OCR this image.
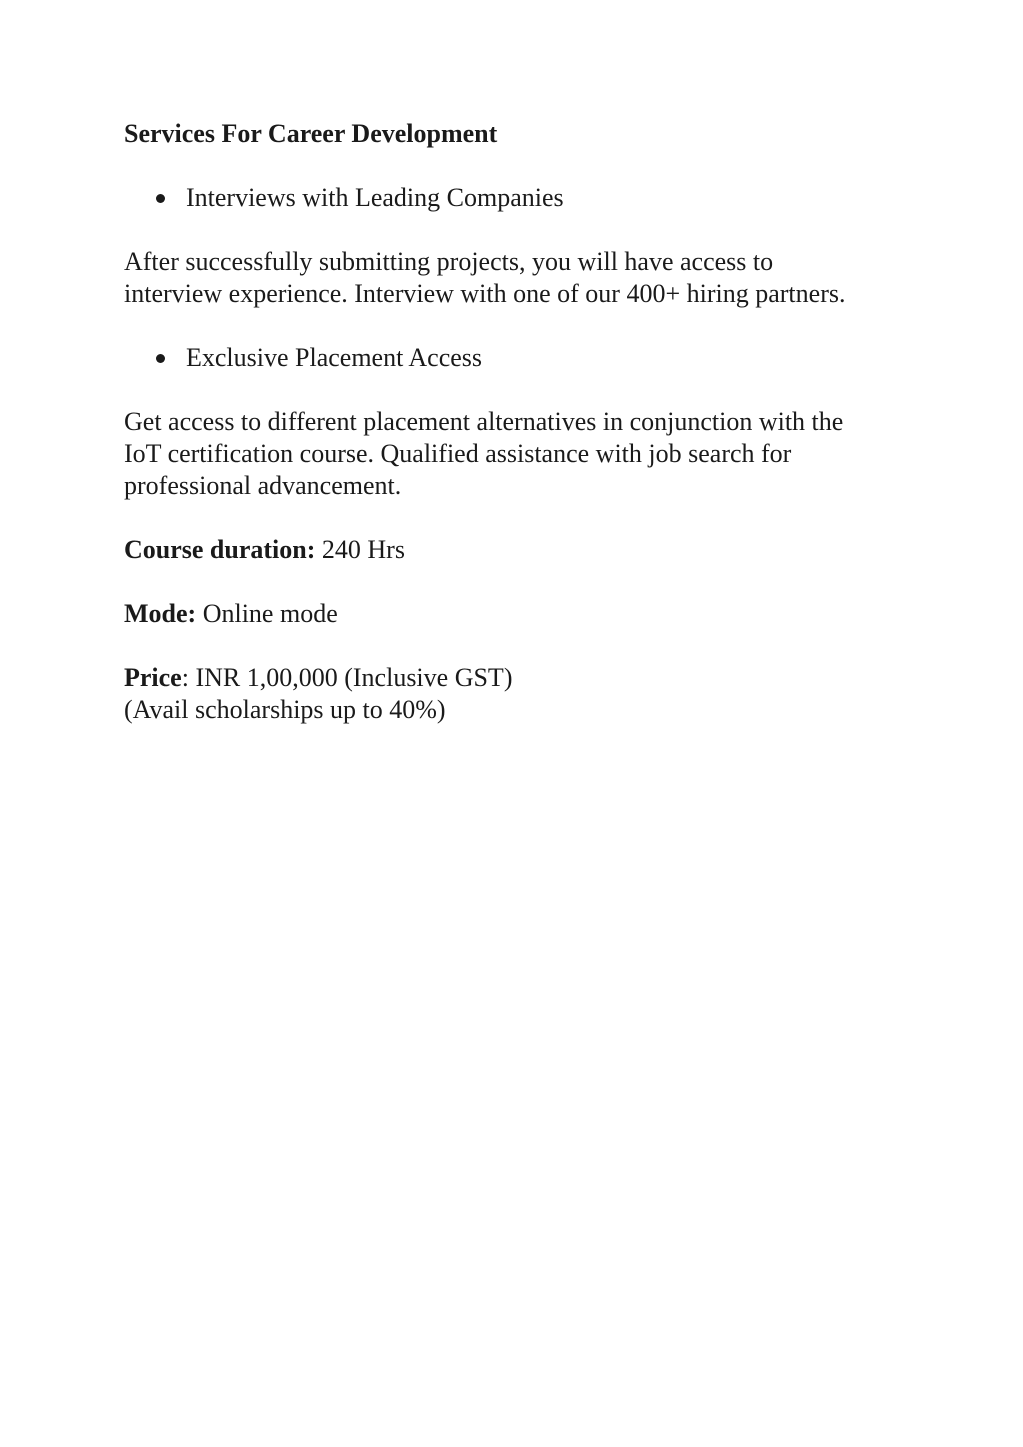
Services For Career Development

Interviews with Leading Companies

After successfully submitting projects, you will have access to

interview experience. Interview with one of our 400+ hiring partners.

Exclusive Placement Access

Get access to different placement alternatives in conjunction with the

IoT certification course. Qualified assistance with job search for

professional advancement.

Course duration: 240 Hrs

Mode: Online mode

Price: INR 1,00,000 (Inclusive GST)

(Avail scholarships up to 40%)
